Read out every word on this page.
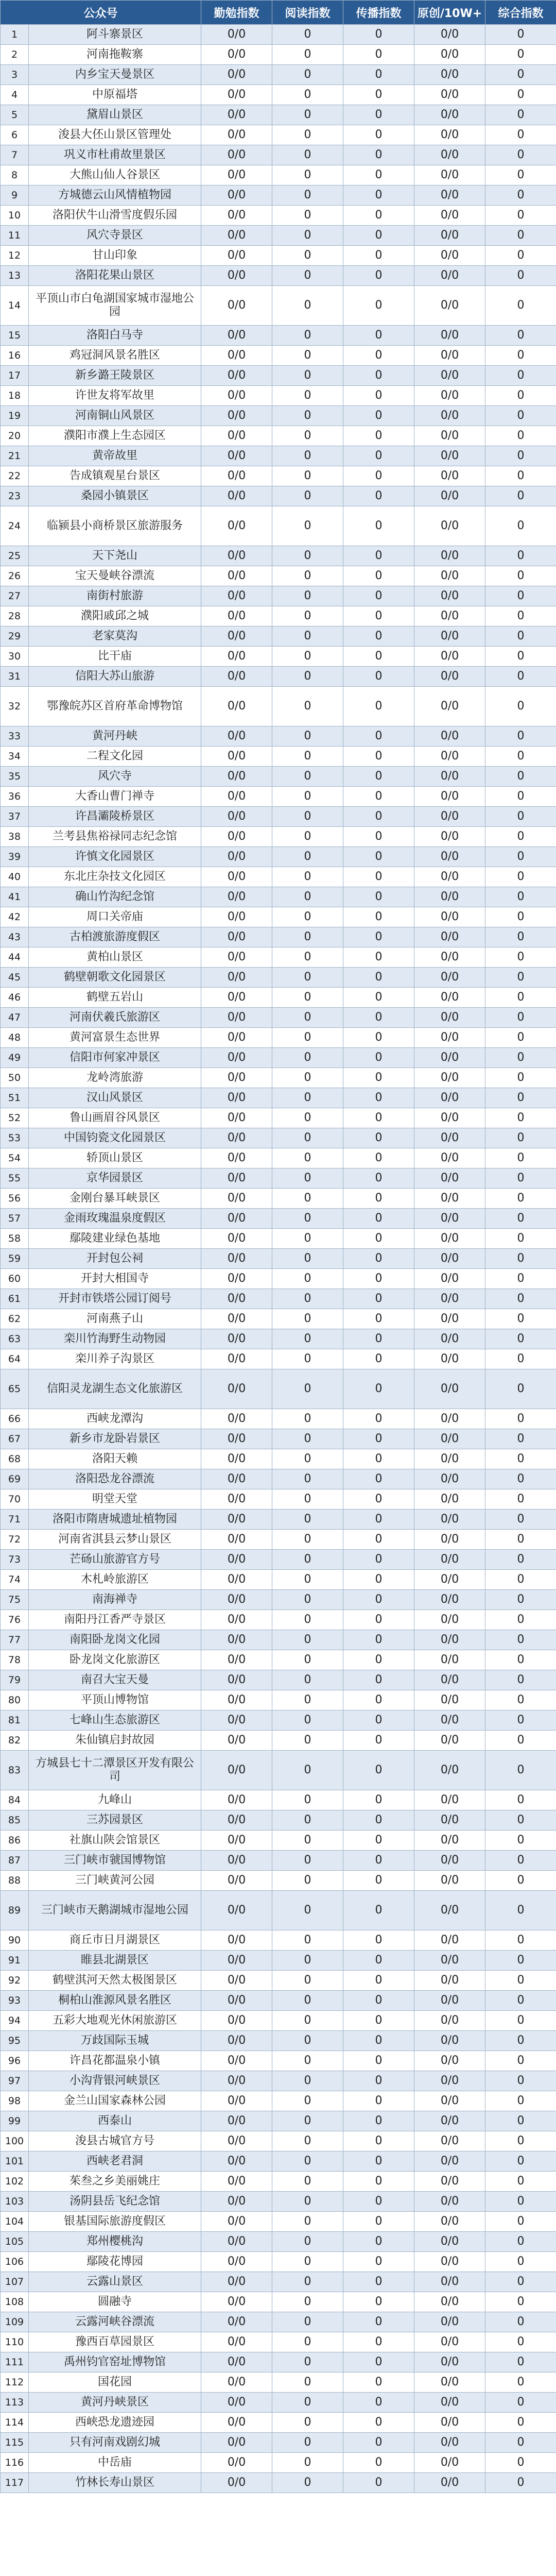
公众号		勤勉指数	阅读指数	传播指数	原创/10W+	综合指数
1	阿斗寨景区	0/0	0	0	0/0	0
2	河南拖鞍寨	0/0	0	0	0/0	0
3	内乡宝天曼景区	0/0	0	0	0/0	0
4	中原福塔	0/0	0	0	0/0	0
5	黛眉山景区	0/0	0	0	0/0	0
6	浚县大伾山景区管理处	0/0	0	0	0/0	0
7	巩义市杜甫故里景区	0/0	0	0	0/0	0
8	大熊山仙人谷景区	0/0	0	0	0/0	0
9	方城德云山风情植物园	0/0	0	0	0/0	0
10	洛阳伏牛山滑雪度假乐园	0/0	0	0	0/0	0
11	风穴寺景区	0/0	0	0	0/0	0
12	甘山印象	0/0	0	0	0/0	0
13	洛阳花果山景区	0/0	0	0	0/0	0
14	平顶山市白龟湖国家城市湿地公园	0/0	0	0	0/0	0
15	洛阳白马寺	0/0	0	0	0/0	0
16	鸡冠洞风景名胜区	0/0	0	0	0/0	0
17	新乡潞王陵景区	0/0	0	0	0/0	0
18	许世友将军故里	0/0	0	0	0/0	0
19	河南铜山风景区	0/0	0	0	0/0	0
20	濮阳市濮上生态园区	0/0	0	0	0/0	0
21	黄帝故里	0/0	0	0	0/0	0
22	告成镇观星台景区	0/0	0	0	0/0	0
23	桑园小镇景区	0/0	0	0	0/0	0
24	临颍县小商桥景区旅游服务	0/0	0	0	0/0	0
25	天下尧山	0/0	0	0	0/0	0
26	宝天曼峡谷漂流	0/0	0	0	0/0	0
27	南街村旅游	0/0	0	0	0/0	0
28	濮阳戚邱之城	0/0	0	0	0/0	0
29	老家莫沟	0/0	0	0	0/0	0
30	比干庙	0/0	0	0	0/0	0
31	信阳大苏山旅游	0/0	0	0	0/0	0
32	鄂豫皖苏区首府革命博物馆	0/0	0	0	0/0	0
33	黄河丹峡	0/0	0	0	0/0	0
34	二程文化园	0/0	0	0	0/0	0
35	风穴寺	0/0	0	0	0/0	0
36	大香山曹门禅寺	0/0	0	0	0/0	0
37	许昌灞陵桥景区	0/0	0	0	0/0	0
38	兰考县焦裕禄同志纪念馆	0/0	0	0	0/0	0
39	许慎文化园景区	0/0	0	0	0/0	0
40	东北庄杂技文化园区	0/0	0	0	0/0	0
41	确山竹沟纪念馆	0/0	0	0	0/0	0
42	周口关帝庙	0/0	0	0	0/0	0
43	古柏渡旅游度假区	0/0	0	0	0/0	0
44	黄柏山景区	0/0	0	0	0/0	0
45	鹤壁朝歌文化园景区	0/0	0	0	0/0	0
46	鹤壁五岩山	0/0	0	0	0/0	0
47	河南伏羲氏旅游区	0/0	0	0	0/0	0
48	黄河富景生态世界	0/0	0	0	0/0	0
49	信阳市何家冲景区	0/0	0	0	0/0	0
50	龙岭湾旅游	0/0	0	0	0/0	0
51	汉山风景区	0/0	0	0	0/0	0
52	鲁山画眉谷风景区	0/0	0	0	0/0	0
53	中国钧瓷文化园景区	0/0	0	0	0/0	0
54	轿顶山景区	0/0	0	0	0/0	0
55	京华园景区	0/0	0	0	0/0	0
56	金刚台暴耳峡景区	0/0	0	0	0/0	0
57	金雨玫瑰温泉度假区	0/0	0	0	0/0	0
58	鄢陵建业绿色基地	0/0	0	0	0/0	0
59	开封包公祠	0/0	0	0	0/0	0
60	开封大相国寺	0/0	0	0	0/0	0
61	开封市铁塔公园订阅号	0/0	0	0	0/0	0
62	河南燕子山	0/0	0	0	0/0	0
63	栾川竹海野生动物园	0/0	0	0	0/0	0
64	栾川养子沟景区	0/0	0	0	0/0	0
65	信阳灵龙湖生态文化旅游区	0/0	0	0	0/0	0
66	西峡龙潭沟	0/0	0	0	0/0	0
67	新乡市龙卧岩景区	0/0	0	0	0/0	0
68	洛阳天赖	0/0	0	0	0/0	0
69	洛阳恐龙谷漂流	0/0	0	0	0/0	0
70	明堂天堂	0/0	0	0	0/0	0
71	洛阳市隋唐城遗址植物园	0/0	0	0	0/0	0
72	河南省淇县云梦山景区	0/0	0	0	0/0	0
73	芒砀山旅游官方号	0/0	0	0	0/0	0
74	木札岭旅游区	0/0	0	0	0/0	0
75	南海禅寺	0/0	0	0	0/0	0
76	南阳丹江香严寺景区	0/0	0	0	0/0	0
77	南阳卧龙岗文化园	0/0	0	0	0/0	0
78	卧龙岗文化旅游区	0/0	0	0	0/0	0
79	南召大宝天曼	0/0	0	0	0/0	0
80	平顶山博物馆	0/0	0	0	0/0	0
81	七峰山生态旅游区	0/0	0	0	0/0	0
82	朱仙镇启封故园	0/0	0	0	0/0	0
83	方城县七十二潭景区开发有限公司	0/0	0	0	0/0	0
84	九峰山	0/0	0	0	0/0	0
85	三苏园景区	0/0	0	0	0/0	0
86	社旗山陕会馆景区	0/0	0	0	0/0	0
87	三门峡市虢国博物馆	0/0	0	0	0/0	0
88	三门峡黄河公园	0/0	0	0	0/0	0
89	三门峡市天鹅湖城市湿地公园	0/0	0	0	0/0	0
90	商丘市日月湖景区	0/0	0	0	0/0	0
91	睢县北湖景区	0/0	0	0	0/0	0
92	鹤壁淇河天然太极图景区	0/0	0	0	0/0	0
93	桐柏山淮源风景名胜区	0/0	0	0	0/0	0
94	五彩大地观光休闲旅游区	0/0	0	0	0/0	0
95	万歧国际玉城	0/0	0	0	0/0	0
96	许昌花都温泉小镇	0/0	0	0	0/0	0
97	小沟背银河峡景区	0/0	0	0	0/0	0
98	金兰山国家森林公园	0/0	0	0	0/0	0
99	西泰山	0/0	0	0	0/0	0
100	浚县古城官方号	0/0	0	0	0/0	0
101	西峡老君洞	0/0	0	0	0/0	0
102	茱叁之乡美丽姚庄	0/0	0	0	0/0	0
103	汤阴县岳飞纪念馆	0/0	0	0	0/0	0
104	银基国际旅游度假区	0/0	0	0	0/0	0
105	郑州樱桃沟	0/0	0	0	0/0	0
106	鄢陵花博园	0/0	0	0	0/0	0
107	云露山景区	0/0	0	0	0/0	0
108	圆融寺	0/0	0	0	0/0	0
109	云露河峡谷漂流	0/0	0	0	0/0	0
110	豫西百草园景区	0/0	0	0	0/0	0
111	禹州钧官窑址博物馆	0/0	0	0	0/0	0
112	国花园	0/0	0	0	0/0	0
113	黄河丹峡景区	0/0	0	0	0/0	0
114	西峡恐龙遗迹园	0/0	0	0	0/0	0
115	只有河南戏剧幻城	0/0	0	0	0/0	0
116	中岳庙	0/0	0	0	0/0	0
117	竹林长寿山景区	0/0	0	0	0/0	0
